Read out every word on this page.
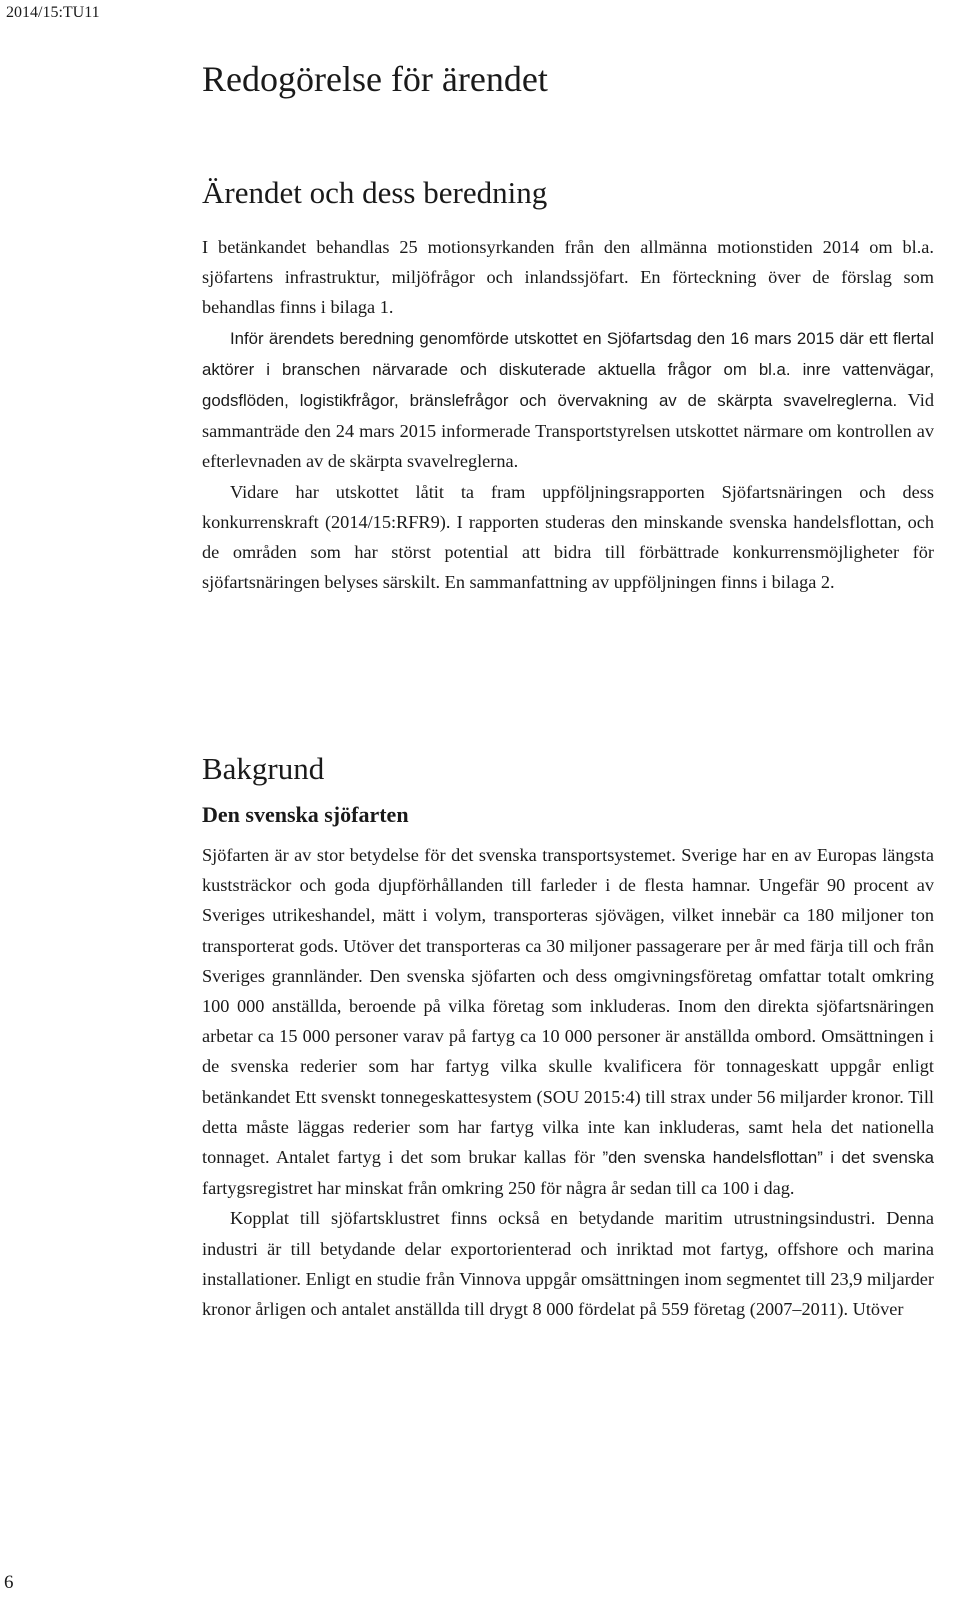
2014/15:TU11
Redogörelse för ärendet
Ärendet och dess beredning

I betänkandet behandlas 25 motionsyrkanden från den allmänna motionstiden 2014 om bl.a. sjöfartens infrastruktur, miljöfrågor och inlandssjöfart. En förteckning över de förslag som behandlas finns i bilaga 1.

Inför ärendets beredning genomförde utskottet en Sjöfartsdag den 16 mars 2015 där ett flertal aktörer i branschen närvarade och diskuterade aktuella frågor om bl.a. inre vattenvägar, godsflöden, logistikfrågor, bränslefrågor och övervakning av de skärpta svavelreglerna. Vid sammanträde den 24 mars 2015 informerade Transportstyrelsen utskottet närmare om kontrollen av efterlevnaden av de skärpta svavelreglerna.

Vidare har utskottet låtit ta fram uppföljningsrapporten Sjöfartsnäringen och dess konkurrenskraft (2014/15:RFR9). I rapporten studeras den minskande svenska handelsflottan, och de områden som har störst potential att bidra till förbättrade konkurrensmöjligheter för sjöfartsnäringen belyses särskilt. En sammanfattning av uppföljningen finns i bilaga 2.

Bakgrund
Den svenska sjöfarten

Sjöfarten är av stor betydelse för det svenska transportsystemet. Sverige har en av Europas längsta kuststräckor och goda djupförhållanden till farleder i de flesta hamnar. Ungefär 90 procent av Sveriges utrikeshandel, mätt i volym, transporteras sjövägen, vilket innebär ca 180 miljoner ton transporterat gods. Utöver det transporteras ca 30 miljoner passagerare per år med färja till och från Sveriges grannländer. Den svenska sjöfarten och dess omgivningsföretag omfattar totalt omkring 100 000 anställda, beroende på vilka företag som inkluderas. Inom den direkta sjöfartsnäringen arbetar ca 15 000 personer varav på fartyg ca 10 000 personer är anställda ombord. Omsättningen i de svenska rederier som har fartyg vilka skulle kvalificera för tonnageskatt uppgår enligt betänkandet Ett svenskt tonnegeskattesystem (SOU 2015:4) till strax under 56 miljarder kronor. Till detta måste läggas rederier som har fartyg vilka inte kan inkluderas, samt hela det nationella tonnaget. Antalet fartyg i det som brukar kallas för ”den svenska handelsflottan” i det svenska fartygsregistret har minskat från omkring 250 för några år sedan till ca 100 i dag.

Kopplat till sjöfartsklustret finns också en betydande maritim utrustningsindustri. Denna industri är till betydande delar exportorienterad och inriktad mot fartyg, offshore och marina installationer. Enligt en studie från Vinnova uppgår omsättningen inom segmentet till 23,9 miljarder kronor årligen och antalet anställda till drygt 8 000 fördelat på 559 företag (2007–2011). Utöver

6
